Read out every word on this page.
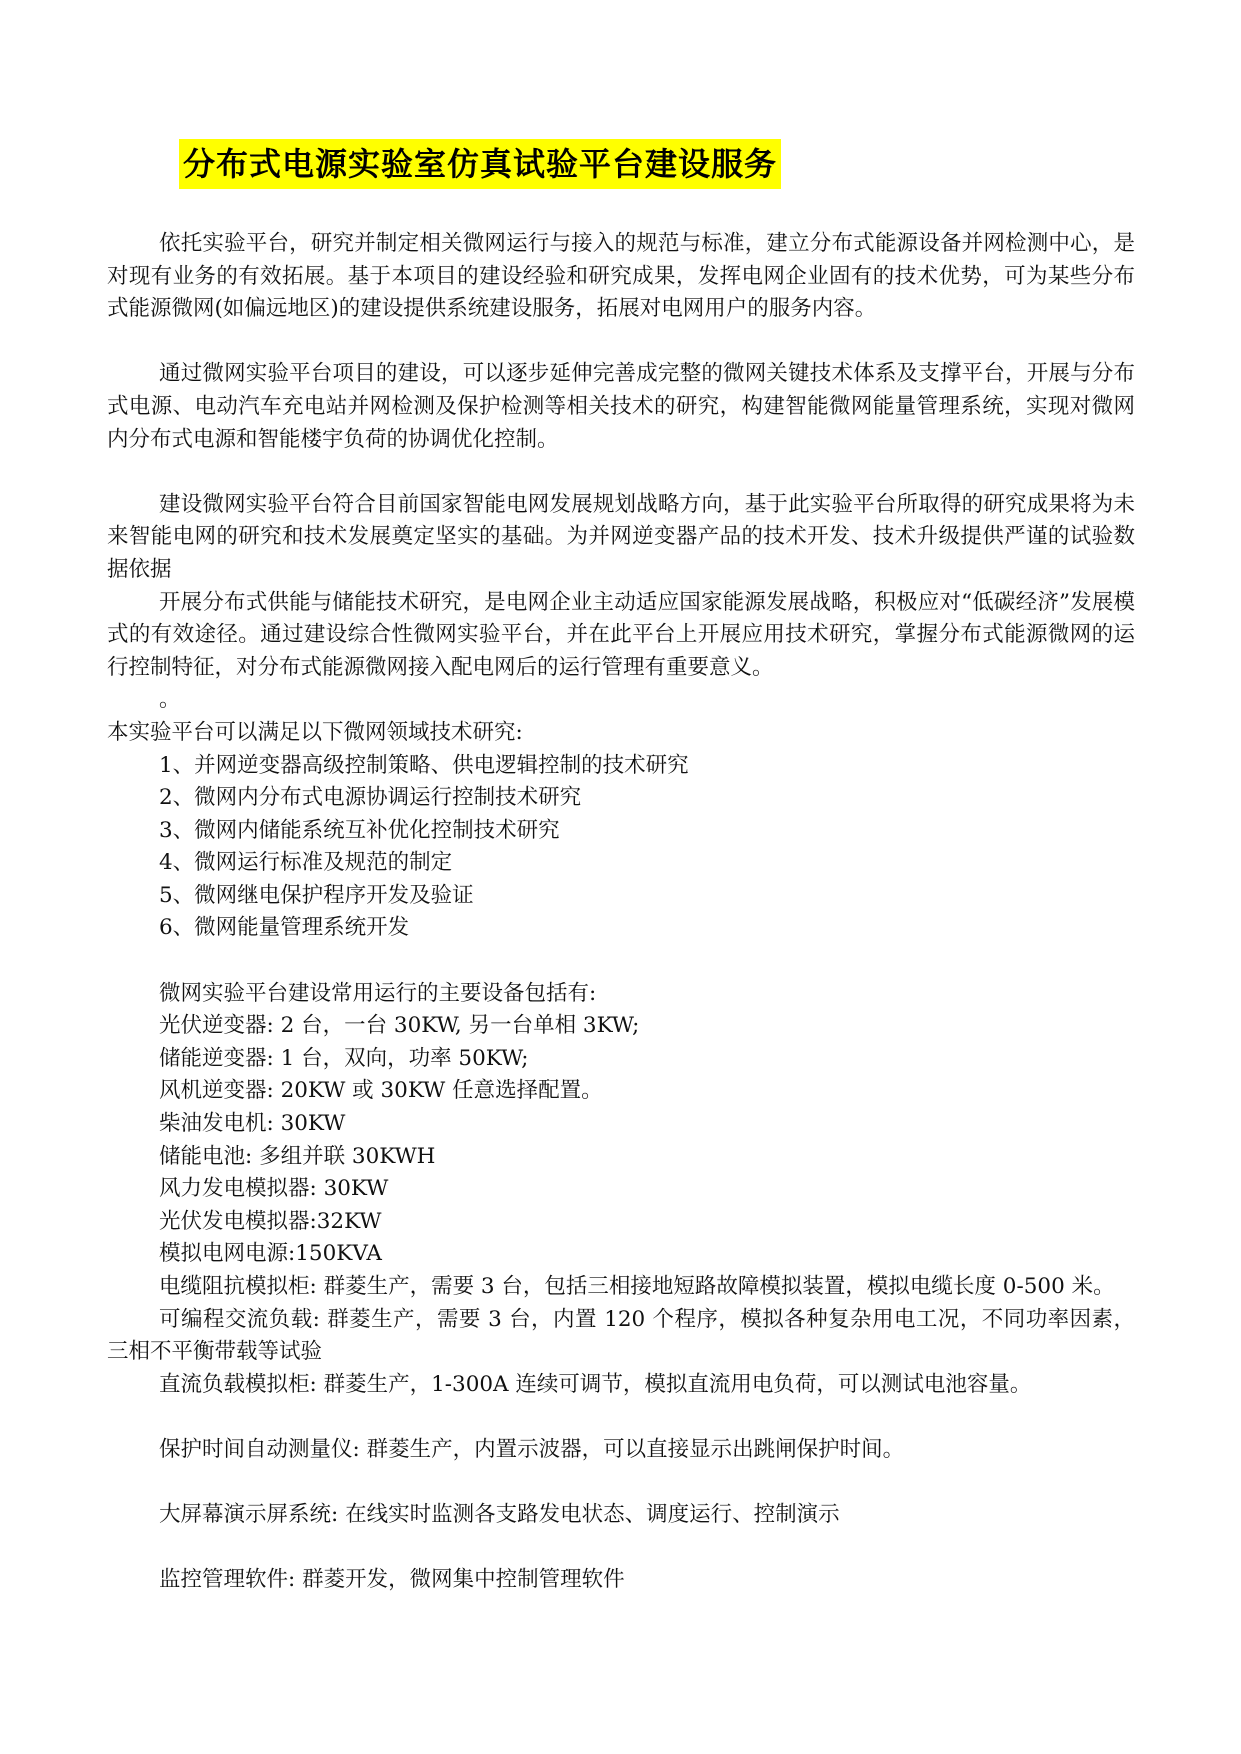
分布式电源实验室仿真试验平台建设服务

依托实验平台，研究并制定相关微网运行与接入的规范与标准，建立分布式能源设备并网检测中心，是对现有业务的有效拓展。基于本项目的建设经验和研究成果，发挥电网企业固有的技术优势，可为某些分布式能源微网(如偏远地区)的建设提供系统建设服务，拓展对电网用户的服务内容。

通过微网实验平台项目的建设，可以逐步延伸完善成完整的微网关键技术体系及支撑平台，开展与分布式电源、电动汽车充电站并网检测及保护检测等相关技术的研究，构建智能微网能量管理系统，实现对微网内分布式电源和智能楼宇负荷的协调优化控制。

建设微网实验平台符合目前国家智能电网发展规划战略方向，基于此实验平台所取得的研究成果将为未来智能电网的研究和技术发展奠定坚实的基础。为并网逆变器产品的技术开发、技术升级提供严谨的试验数据依据

开展分布式供能与储能技术研究，是电网企业主动适应国家能源发展战略，积极应对“低碳经济”发展模式的有效途径。通过建设综合性微网实验平台，并在此平台上开展应用技术研究，掌握分布式能源微网的运行控制特征，对分布式能源微网接入配电网后的运行管理有重要意义。

。

本实验平台可以满足以下微网领域技术研究:

1、并网逆变器高级控制策略、供电逻辑控制的技术研究

2、微网内分布式电源协调运行控制技术研究

3、微网内储能系统互补优化控制技术研究

4、微网运行标准及规范的制定

5、微网继电保护程序开发及验证

6、微网能量管理系统开发

微网实验平台建设常用运行的主要设备包括有:

光伏逆变器: 2 台，一台 30KW, 另一台单相 3KW;

储能逆变器: 1 台，双向，功率 50KW;

风机逆变器: 20KW 或 30KW 任意选择配置。

柴油发电机: 30KW

储能电池: 多组并联 30KWH

风力发电模拟器: 30KW

光伏发电模拟器:32KW

模拟电网电源:150KVA

电缆阻抗模拟柜: 群菱生产，需要 3 台，包括三相接地短路故障模拟装置，模拟电缆长度 0-500 米。

可编程交流负载: 群菱生产，需要 3 台，内置 120 个程序，模拟各种复杂用电工况，不同功率因素，三相不平衡带载等试验

直流负载模拟柜: 群菱生产，1-300A 连续可调节，模拟直流用电负荷，可以测试电池容量。

保护时间自动测量仪: 群菱生产，内置示波器，可以直接显示出跳闸保护时间。

大屏幕演示屏系统: 在线实时监测各支路发电状态、调度运行、控制演示

监控管理软件: 群菱开发，微网集中控制管理软件
